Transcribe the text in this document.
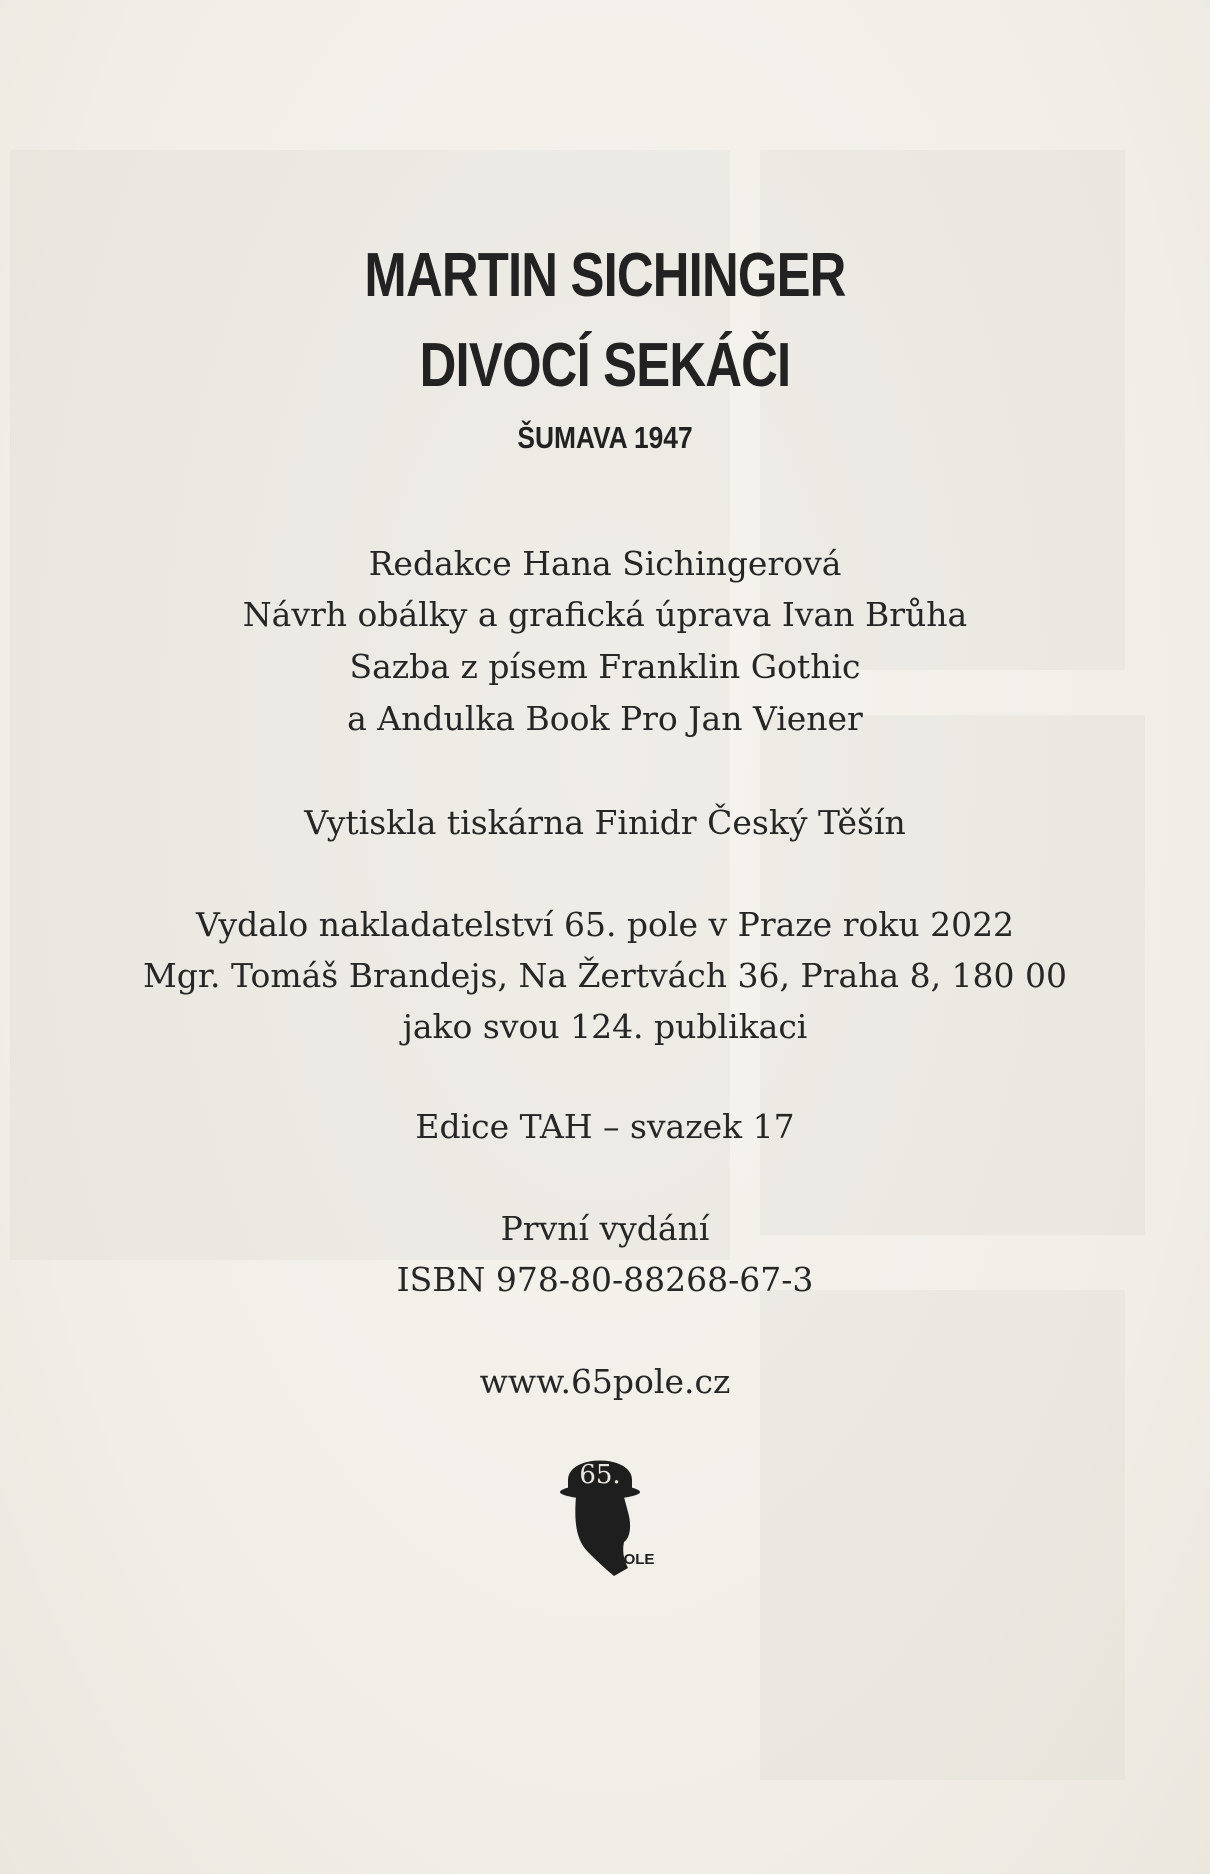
MARTIN SICHINGER
DIVOCÍ SEKÁČI
ŠUMAVA 1947
Redakce Hana Sichingerová
Návrh obálky a grafická úprava Ivan Brůha
Sazba z písem Franklin Gothic
a Andulka Book Pro Jan Viener
Vytiskla tiskárna Finidr Český Těšín
Vydalo nakladatelství 65. pole v Praze roku 2022
Mgr. Tomáš Brandejs, Na Žertvách 36, Praha 8, 180 00
jako svou 124. publikaci
Edice TAH – svazek 17
První vydání
ISBN 978-80-88268-67-3
www.65pole.cz
65.
POLE
